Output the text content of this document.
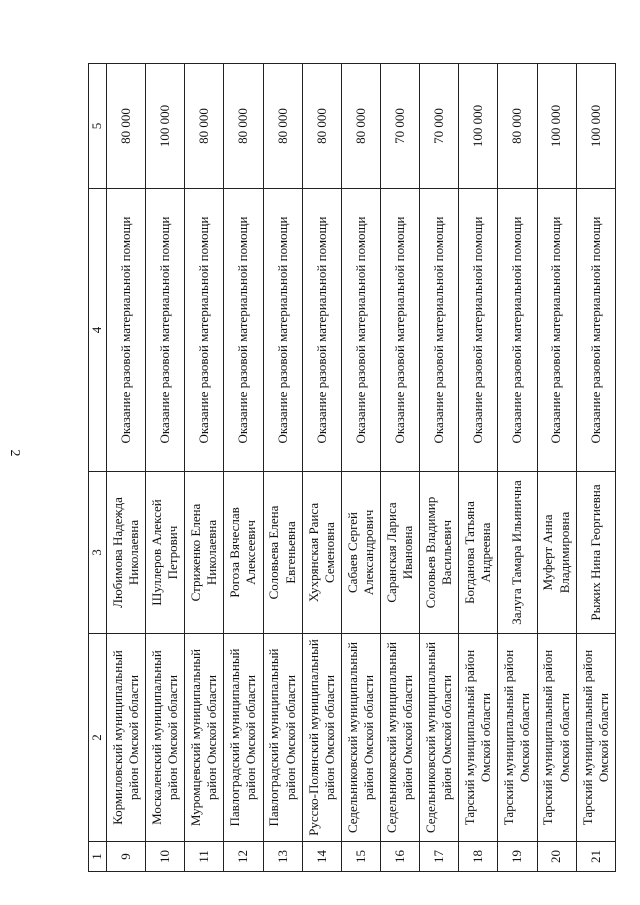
2
1	2	3	4	5
9	Кормиловский муниципальный район Омской области	Любимова Надежда Николаевна	Оказание разовой материальной помощи	80 000
10	Москаленский муниципальный район Омской области	Шуллеров Алексей Петрович	Оказание разовой материальной помощи	100 000
11	Муромцевский муниципальный район Омской области	Стриженко Елена Николаевна	Оказание разовой материальной помощи	80 000
12	Павлоградский муниципальный район Омской области	Рогоза Вячеслав Алексеевич	Оказание разовой материальной помощи	80 000
13	Павлоградский муниципальный район Омской области	Соловьева Елена Евгеньевна	Оказание разовой материальной помощи	80 000
14	Русско-Полянский муниципальный район Омской области	Хухрянская Раиса Семеновна	Оказание разовой материальной помощи	80 000
15	Седельниковский муниципальный район Омской области	Сабаев Сергей Александрович	Оказание разовой материальной помощи	80 000
16	Седельниковский муниципальный район Омской области	Саранская Лариса Ивановна	Оказание разовой материальной помощи	70 000
17	Седельниковский муниципальный район Омской области	Соловьев Владимир Васильевич	Оказание разовой материальной помощи	70 000
18	Тарский муниципальный район Омской области	Богданова Татьяна Андреевна	Оказание разовой материальной помощи	100 000
19	Тарский муниципальный район Омской области	Залуга Тамара Ильинична	Оказание разовой материальной помощи	80 000
20	Тарский муниципальный район Омской области	Муферт Анна Владимировна	Оказание разовой материальной помощи	100 000
21	Тарский муниципальный район Омской области	Рыжих Нина Георгиевна	Оказание разовой материальной помощи	100 000
